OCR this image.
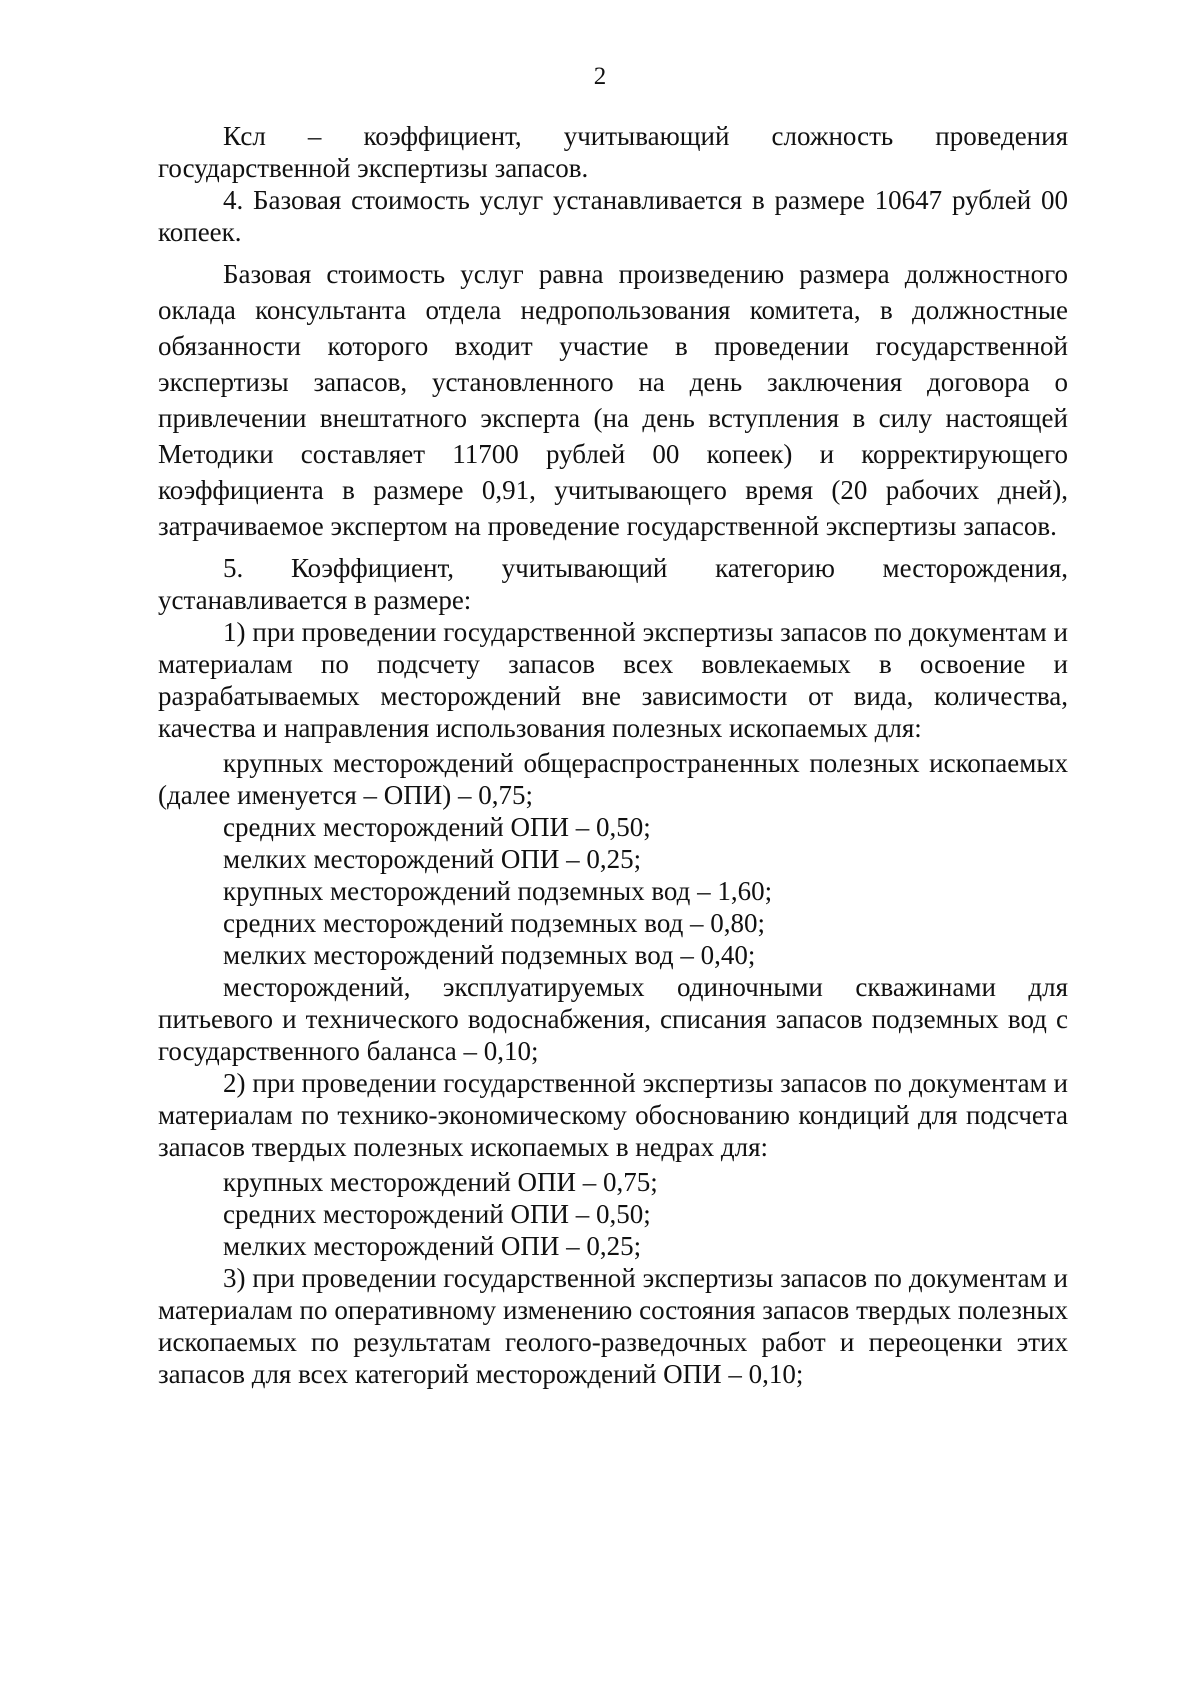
2

Ксл – коэффициент, учитывающий сложность проведения государственной экспертизы запасов.

4. Базовая стоимость услуг устанавливается в размере 10647 рублей 00 копеек.

Базовая стоимость услуг равна произведению размера должностного оклада консультанта отдела недропользования комитета, в должностные обязанности которого входит участие в проведении государственной экспертизы запасов, установленного на день заключения договора о привлечении внештатного эксперта (на день вступления в силу настоящей Методики составляет 11700 рублей 00 копеек) и корректирующего коэффициента в размере 0,91, учитывающего время (20 рабочих дней), затрачиваемое экспертом на проведение государственной экспертизы запасов.

5. Коэффициент, учитывающий категорию месторождения, устанавливается в размере:

1) при проведении государственной экспертизы запасов по документам и материалам по подсчету запасов всех вовлекаемых в освоение и разрабатываемых месторождений вне зависимости от вида, количества, качества и направления использования полезных ископаемых для:

крупных месторождений общераспространенных полезных ископаемых (далее именуется – ОПИ) – 0,75;

средних месторождений ОПИ – 0,50;

мелких месторождений ОПИ – 0,25;

крупных месторождений подземных вод – 1,60;

средних месторождений подземных вод – 0,80;

мелких месторождений подземных вод – 0,40;

месторождений, эксплуатируемых одиночными скважинами для питьевого и технического водоснабжения, списания запасов подземных вод с государственного баланса – 0,10;

2) при проведении государственной экспертизы запасов по документам и материалам по технико-экономическому обоснованию кондиций для подсчета запасов твердых полезных ископаемых в недрах для:

крупных месторождений ОПИ – 0,75;

средних месторождений ОПИ – 0,50;

мелких месторождений ОПИ – 0,25;

3) при проведении государственной экспертизы запасов по документам и материалам по оперативному изменению состояния запасов твердых полезных ископаемых по результатам геолого-разведочных работ и переоценки этих запасов для всех категорий месторождений ОПИ – 0,10;
